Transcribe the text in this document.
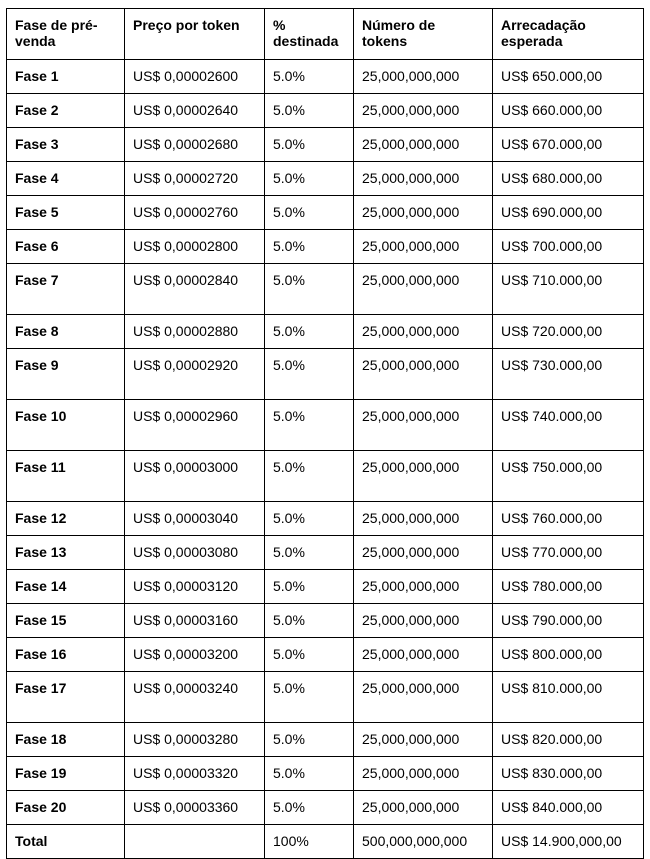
Fase de pré-venda	Preço por token	% destinada	Número de tokens	Arrecadação esperada
Fase 1	US$ 0,00002600	5.0%	25,000,000,000	US$ 650.000,00
Fase 2	US$ 0,00002640	5.0%	25,000,000,000	US$ 660.000,00
Fase 3	US$ 0,00002680	5.0%	25,000,000,000	US$ 670.000,00
Fase 4	US$ 0,00002720	5.0%	25,000,000,000	US$ 680.000,00
Fase 5	US$ 0,00002760	5.0%	25,000,000,000	US$ 690.000,00
Fase 6	US$ 0,00002800	5.0%	25,000,000,000	US$ 700.000,00
Fase 7	US$ 0,00002840	5.0%	25,000,000,000	US$ 710.000,00
Fase 8	US$ 0,00002880	5.0%	25,000,000,000	US$ 720.000,00
Fase 9	US$ 0,00002920	5.0%	25,000,000,000	US$ 730.000,00
Fase 10	US$ 0,00002960	5.0%	25,000,000,000	US$ 740.000,00
Fase 11	US$ 0,00003000	5.0%	25,000,000,000	US$ 750.000,00
Fase 12	US$ 0,00003040	5.0%	25,000,000,000	US$ 760.000,00
Fase 13	US$ 0,00003080	5.0%	25,000,000,000	US$ 770.000,00
Fase 14	US$ 0,00003120	5.0%	25,000,000,000	US$ 780.000,00
Fase 15	US$ 0,00003160	5.0%	25,000,000,000	US$ 790.000,00
Fase 16	US$ 0,00003200	5.0%	25,000,000,000	US$ 800.000,00
Fase 17	US$ 0,00003240	5.0%	25,000,000,000	US$ 810.000,00
Fase 18	US$ 0,00003280	5.0%	25,000,000,000	US$ 820.000,00
Fase 19	US$ 0,00003320	5.0%	25,000,000,000	US$ 830.000,00
Fase 20	US$ 0,00003360	5.0%	25,000,000,000	US$ 840.000,00
Total		100%	500,000,000,000	US$ 14.900,000,00
